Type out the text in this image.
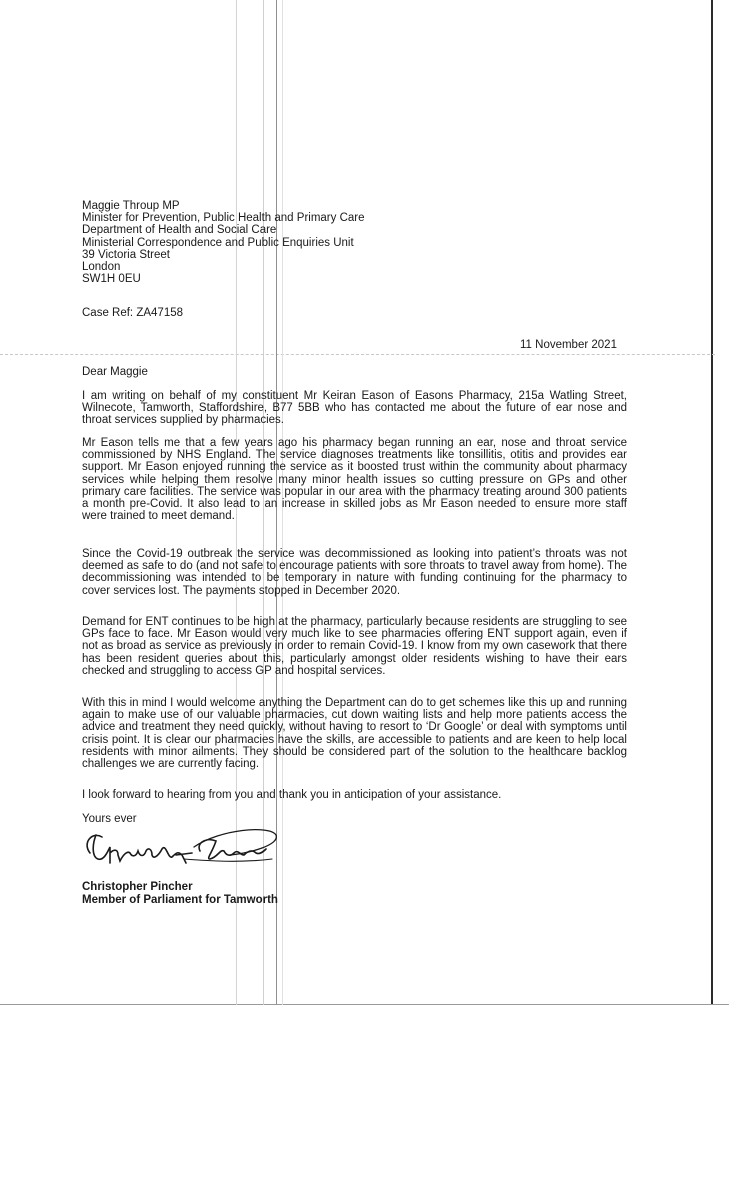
Maggie Throup MP
Minister for Prevention, Public Health and Primary Care
Department of Health and Social Care
Ministerial Correspondence and Public Enquiries Unit
39 Victoria Street
London
SW1H 0EU
Case Ref: ZA47158
11 November 2021
Dear Maggie

I am writing on behalf of my constituent Mr Keiran Eason of Easons Pharmacy, 215a Watling Street, Wilnecote, Tamworth, Staffordshire, B77 5BB who has contacted me about the future of ear nose and throat services supplied by pharmacies.

Mr Eason tells me that a few years ago his pharmacy began running an ear, nose and throat service commissioned by NHS England. The service diagnoses treatments like tonsillitis, otitis and provides ear support. Mr Eason enjoyed running the service as it boosted trust within the community about pharmacy services while helping them resolve many minor health issues so cutting pressure on GPs and other primary care facilities. The service was popular in our area with the pharmacy treating around 300 patients a month pre-Covid. It also lead to an increase in skilled jobs as Mr Eason needed to ensure more staff were trained to meet demand.

Since the Covid-19 outbreak the service was decommissioned as looking into patient’s throats was not deemed as safe to do (and not safe to encourage patients with sore throats to travel away from home). The decommissioning was intended to be temporary in nature with funding continuing for the pharmacy to cover services lost. The payments stopped in December 2020.

Demand for ENT continues to be high at the pharmacy, particularly because residents are struggling to see GPs face to face. Mr Eason would very much like to see pharmacies offering ENT support again, even if not as broad as service as previously in order to remain Covid-19. I know from my own casework that there has been resident queries about this, particularly amongst older residents wishing to have their ears checked and struggling to access GP and hospital services.

With this in mind I would welcome anything the Department can do to get schemes like this up and running again to make use of our valuable pharmacies, cut down waiting lists and help more patients access the advice and treatment they need quickly, without having to resort to ‘Dr Google’ or deal with symptoms until crisis point. It is clear our pharmacies have the skills, are accessible to patients and are keen to help local residents with minor ailments. They should be considered part of the solution to the healthcare backlog challenges we are currently facing.

I look forward to hearing from you and thank you in anticipation of your assistance.

Yours ever
Christopher Pincher
Member of Parliament for Tamworth
